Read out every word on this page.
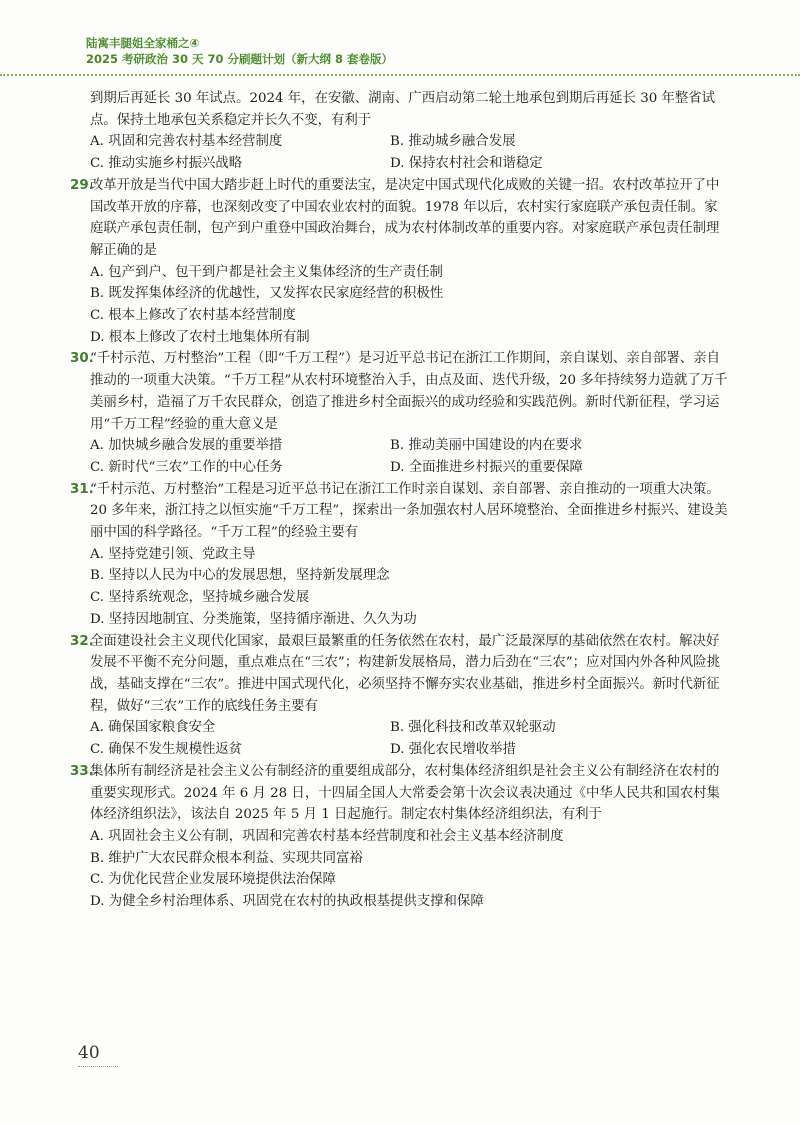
陆寓丰腿姐全家桶之④
2025 考研政治 30 天 70 分刷题计划（新大纲 8 套卷版）

到期后再延长 30 年试点。2024 年，在安徽、湖南、广西启动第二轮土地承包到期后再延长 30 年整省试点。保持土地承包关系稳定并长久不变，有利于

A. 巩固和完善农村基本经营制度	B. 推动城乡融合发展

C. 推动实施乡村振兴战略	D. 保持农村社会和谐稳定

29.

改革开放是当代中国大踏步赶上时代的重要法宝，是决定中国式现代化成败的关键一招。农村改革拉开了中国改革开放的序幕，也深刻改变了中国农业农村的面貌。1978 年以后，农村实行家庭联产承包责任制。家庭联产承包责任制，包产到户重登中国政治舞台，成为农村体制改革的重要内容。对家庭联产承包责任制理解正确的是

A. 包产到户、包干到户都是社会主义集体经济的生产责任制

B. 既发挥集体经济的优越性，又发挥农民家庭经营的积极性

C. 根本上修改了农村基本经营制度

D. 根本上修改了农村土地集体所有制

30.

“千村示范、万村整治”工程（即“千万工程”）是习近平总书记在浙江工作期间，亲自谋划、亲自部署、亲自推动的一项重大决策。“千万工程”从农村环境整治入手，由点及面、迭代升级，20 多年持续努力造就了万千美丽乡村，造福了万千农民群众，创造了推进乡村全面振兴的成功经验和实践范例。新时代新征程，学习运用“千万工程”经验的重大意义是

A. 加快城乡融合发展的重要举措	B. 推动美丽中国建设的内在要求

C. 新时代“三农”工作的中心任务	D. 全面推进乡村振兴的重要保障

31.

“千村示范、万村整治”工程是习近平总书记在浙江工作时亲自谋划、亲自部署、亲自推动的一项重大决策。20 多年来，浙江持之以恒实施“千万工程”，探索出一条加强农村人居环境整治、全面推进乡村振兴、建设美丽中国的科学路径。“千万工程”的经验主要有

A. 坚持党建引领、党政主导

B. 坚持以人民为中心的发展思想，坚持新发展理念

C. 坚持系统观念，坚持城乡融合发展

D. 坚持因地制宜、分类施策，坚持循序渐进、久久为功

32.

全面建设社会主义现代化国家，最艰巨最繁重的任务依然在农村，最广泛最深厚的基础依然在农村。解决好发展不平衡不充分问题，重点难点在“三农”；构建新发展格局，潜力后劲在“三农”；应对国内外各种风险挑战，基础支撑在“三农”。推进中国式现代化，必须坚持不懈夯实农业基础，推进乡村全面振兴。新时代新征程，做好“三农”工作的底线任务主要有

A. 确保国家粮食安全	B. 强化科技和改革双轮驱动

C. 确保不发生规模性返贫	D. 强化农民增收举措

33.

集体所有制经济是社会主义公有制经济的重要组成部分，农村集体经济组织是社会主义公有制经济在农村的重要实现形式。2024 年 6 月 28 日，十四届全国人大常委会第十次会议表决通过《中华人民共和国农村集体经济组织法》，该法自 2025 年 5 月 1 日起施行。制定农村集体经济组织法，有利于

A. 巩固社会主义公有制，巩固和完善农村基本经营制度和社会主义基本经济制度

B. 维护广大农民群众根本利益、实现共同富裕

C. 为优化民营企业发展环境提供法治保障

D. 为健全乡村治理体系、巩固党在农村的执政根基提供支撑和保障

40
